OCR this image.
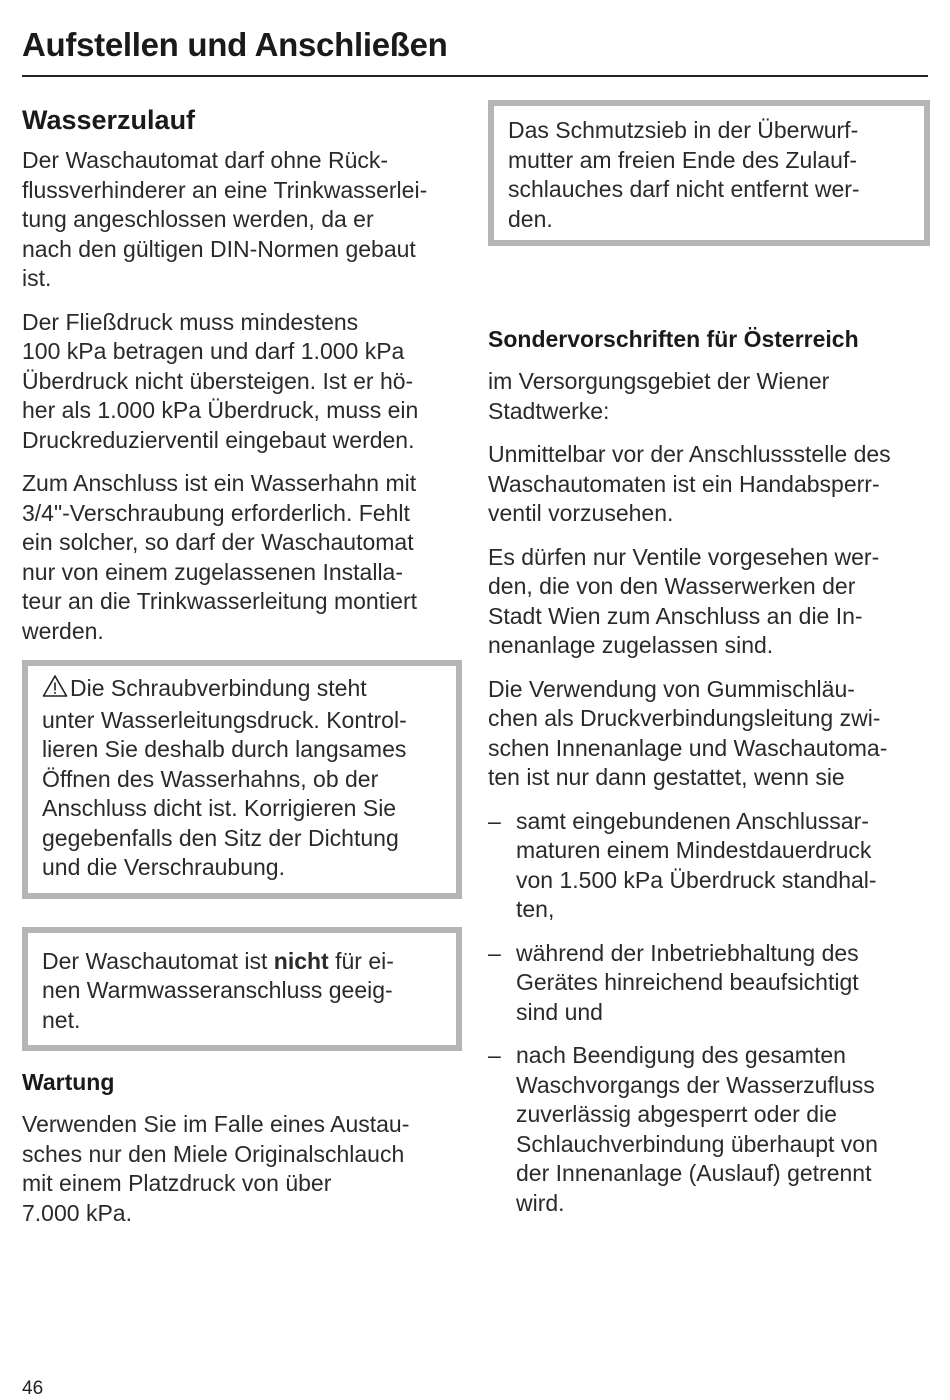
Aufstellen und Anschließen
Wasserzulauf

Der Waschautomat darf ohne Rück-
flussverhinderer an eine Trinkwasserlei-
tung angeschlossen werden, da er
nach den gültigen DIN-Normen gebaut
ist.

Der Fließdruck muss mindestens
100 kPa betragen und darf 1.000 kPa
Überdruck nicht übersteigen. Ist er hö-
her als 1.000 kPa Überdruck, muss ein
Druckreduzierventil eingebaut werden.

Zum Anschluss ist ein Wasserhahn mit
3/4"-Verschraubung erforderlich. Fehlt
ein solcher, so darf der Waschautomat
nur von einem zugelassenen Installa-
teur an die Trinkwasserleitung montiert
werden.

Die Schraubverbindung steht
unter Wasserleitungsdruck. Kontrol-
lieren Sie deshalb durch langsames
Öffnen des Wasserhahns, ob der
Anschluss dicht ist. Korrigieren Sie
gegebenfalls den Sitz der Dichtung
und die Verschraubung.
Der Waschautomat ist nicht für ei-
nen Warmwasseranschluss geeig-
net.
Wartung

Verwenden Sie im Falle eines Austau-
sches nur den Miele Originalschlauch
mit einem Platzdruck von über
7.000 kPa.

Das Schmutzsieb in der Überwurf-
mutter am freien Ende des Zulauf-
schlauches darf nicht entfernt wer-
den.
Sondervorschriften für Österreich

im Versorgungsgebiet der Wiener
Stadtwerke:

Unmittelbar vor der Anschlussstelle des
Waschautomaten ist ein Handabsperr-
ventil vorzusehen.

Es dürfen nur Ventile vorgesehen wer-
den, die von den Wasserwerken der
Stadt Wien zum Anschluss an die In-
nenanlage zugelassen sind.

Die Verwendung von Gummischläu-
chen als Druckverbindungsleitung zwi-
schen Innenanlage und Waschautoma-
ten ist nur dann gestattet, wenn sie

– samt eingebundenen Anschlussar-
maturen einem Mindestdauerdruck
von 1.500 kPa Überdruck standhal-
ten,
– während der Inbetriebhaltung des
Gerätes hinreichend beaufsichtigt
sind und
– nach Beendigung des gesamten
Waschvorgangs der Wasserzufluss
zuverlässig abgesperrt oder die
Schlauchverbindung überhaupt von
der Innenanlage (Auslauf) getrennt
wird.
46
